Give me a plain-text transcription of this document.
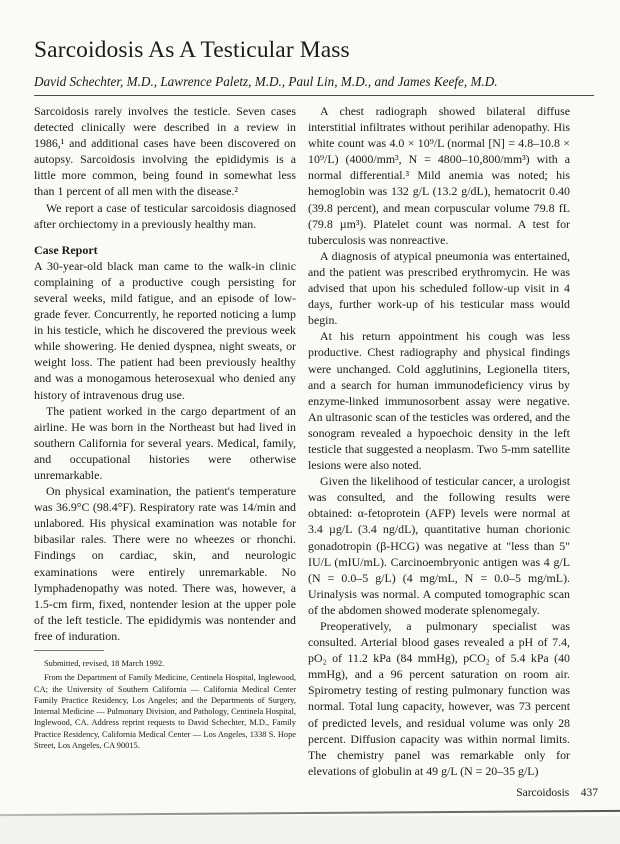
Sarcoidosis As A Testicular Mass
David Schechter, M.D., Lawrence Paletz, M.D., Paul Lin, M.D., and James Keefe, M.D.

Sarcoidosis rarely involves the testicle. Seven cases detected clinically were described in a review in 1986,¹ and additional cases have been discovered on autopsy. Sarcoidosis involving the epididymis is a little more common, being found in somewhat less than 1 percent of all men with the disease.²

We report a case of testicular sarcoidosis diagnosed after orchiectomy in a previously healthy man.

Case Report

A 30-year-old black man came to the walk-in clinic complaining of a productive cough persisting for several weeks, mild fatigue, and an episode of low-grade fever. Concurrently, he reported noticing a lump in his testicle, which he discovered the previous week while showering. He denied dyspnea, night sweats, or weight loss. The patient had been previously healthy and was a monogamous heterosexual who denied any history of intravenous drug use.

The patient worked in the cargo department of an airline. He was born in the Northeast but had lived in southern California for several years. Medical, family, and occupational histories were otherwise unremarkable.

On physical examination, the patient's temperature was 36.9°C (98.4°F). Respiratory rate was 14/min and unlabored. His physical examination was notable for bibasilar rales. There were no wheezes or rhonchi. Findings on cardiac, skin, and neurologic examinations were entirely unremarkable. No lymphadenopathy was noted. There was, however, a 1.5-cm firm, fixed, nontender lesion at the upper pole of the left testicle. The epididymis was nontender and free of induration.

Submitted, revised, 18 March 1992.

From the Department of Family Medicine, Centinela Hospital, Inglewood, CA; the University of Southern California — California Medical Center Family Practice Residency, Los Angeles; and the Departments of Surgery, Internal Medicine — Pulmonary Division, and Pathology, Centinela Hospital, Inglewood, CA. Address reprint requests to David Schechter, M.D., Family Practice Residency, California Medical Center — Los Angeles, 1338 S. Hope Street, Los Angeles, CA 90015.

A chest radiograph showed bilateral diffuse interstitial infiltrates without perihilar adenopathy. His white count was 4.0 × 10⁹/L (normal [N] = 4.8–10.8 × 10⁹/L) (4000/mm³, N = 4800–10,800/mm³) with a normal differential.³ Mild anemia was noted; his hemoglobin was 132 g/L (13.2 g/dL), hematocrit 0.40 (39.8 percent), and mean corpuscular volume 79.8 fL (79.8 µm³). Platelet count was normal. A test for tuberculosis was nonreactive.

A diagnosis of atypical pneumonia was entertained, and the patient was prescribed erythromycin. He was advised that upon his scheduled follow-up visit in 4 days, further work-up of his testicular mass would begin.

At his return appointment his cough was less productive. Chest radiography and physical findings were unchanged. Cold agglutinins, Legionella titers, and a search for human immunodeficiency virus by enzyme-linked immunosorbent assay were negative. An ultrasonic scan of the testicles was ordered, and the sonogram revealed a hypoechoic density in the left testicle that suggested a neoplasm. Two 5-mm satellite lesions were also noted.

Given the likelihood of testicular cancer, a urologist was consulted, and the following results were obtained: α-fetoprotein (AFP) levels were normal at 3.4 µg/L (3.4 ng/dL), quantitative human chorionic gonadotropin (β-HCG) was negative at "less than 5" IU/L (mIU/mL). Carcinoembryonic antigen was 4 g/L (N = 0.0–5 g/L) (4 mg/mL, N = 0.0–5 mg/mL). Urinalysis was normal. A computed tomographic scan of the abdomen showed moderate splenomegaly.

Preoperatively, a pulmonary specialist was consulted. Arterial blood gases revealed a pH of 7.4, pO₂ of 11.2 kPa (84 mmHg), pCO₂ of 5.4 kPa (40 mmHg), and a 96 percent saturation on room air. Spirometry testing of resting pulmonary function was normal. Total lung capacity, however, was 73 percent of predicted levels, and residual volume was only 28 percent. Diffusion capacity was within normal limits. The chemistry panel was remarkable only for elevations of globulin at 49 g/L (N = 20–35 g/L)

Sarcoidosis 437
